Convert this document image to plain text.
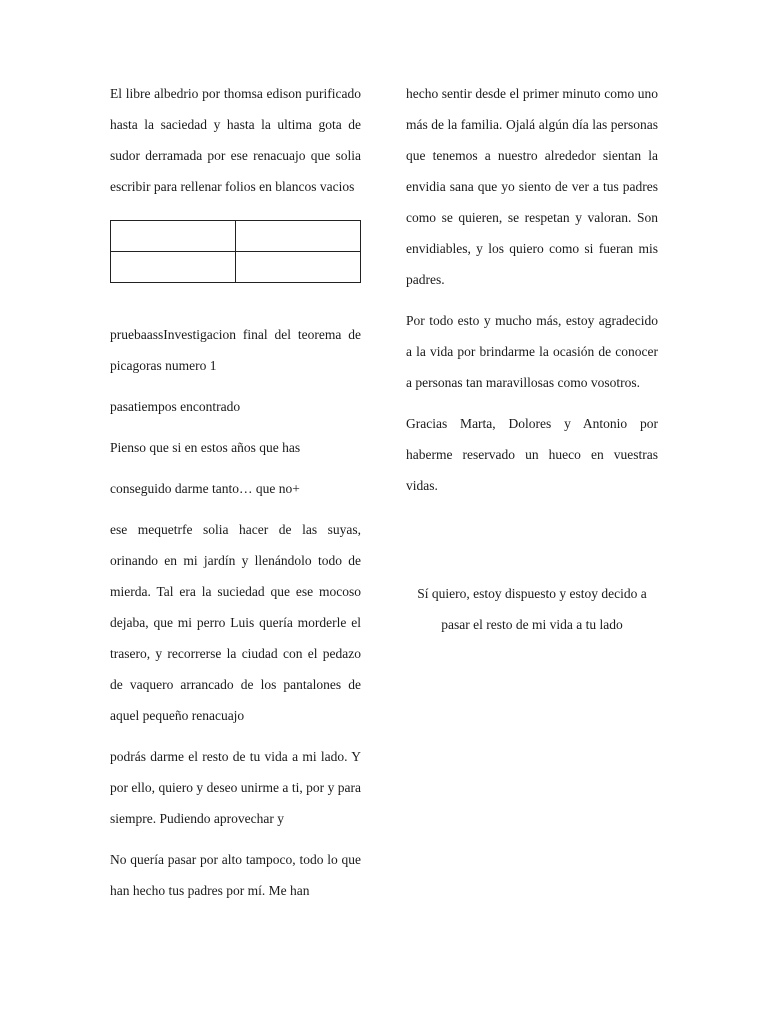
El libre albedrio por thomsa edison purificado hasta la saciedad y hasta la ultima gota de sudor derramada por ese renacuajo que solia escribir para rellenar folios en blancos vacios

pruebaassInvestigacion final del teorema de picagoras numero 1

pasatiempos encontrado

Pienso que si en estos años que has

conseguido darme tanto… que no+

ese mequetrfe solia hacer de las suyas, orinando en mi jardín y llenándolo todo de mierda. Tal era la suciedad que ese mocoso dejaba, que mi perro Luis quería morderle el trasero, y recorrerse la ciudad con el pedazo de vaquero arrancado de los pantalones de aquel pequeño renacuajo

podrás darme el resto de tu vida a mi lado. Y por ello, quiero y deseo unirme a ti, por y para siempre. Pudiendo aprovechar y

No quería pasar por alto tampoco, todo lo que han hecho tus padres por mí. Me han

hecho sentir desde el primer minuto como uno más de la familia. Ojalá algún día las personas que tenemos a nuestro alrededor sientan la envidia sana que yo siento de ver a tus padres como se quieren, se respetan y valoran. Son envidiables, y los quiero como si fueran mis padres.

Por todo esto y mucho más, estoy agradecido a la vida por brindarme la ocasión de conocer a personas tan maravillosas como vosotros.

Gracias Marta, Dolores y Antonio por haberme reservado un hueco en vuestras vidas.

Sí quiero, estoy dispuesto y estoy decido a pasar el resto de mi vida a tu lado
